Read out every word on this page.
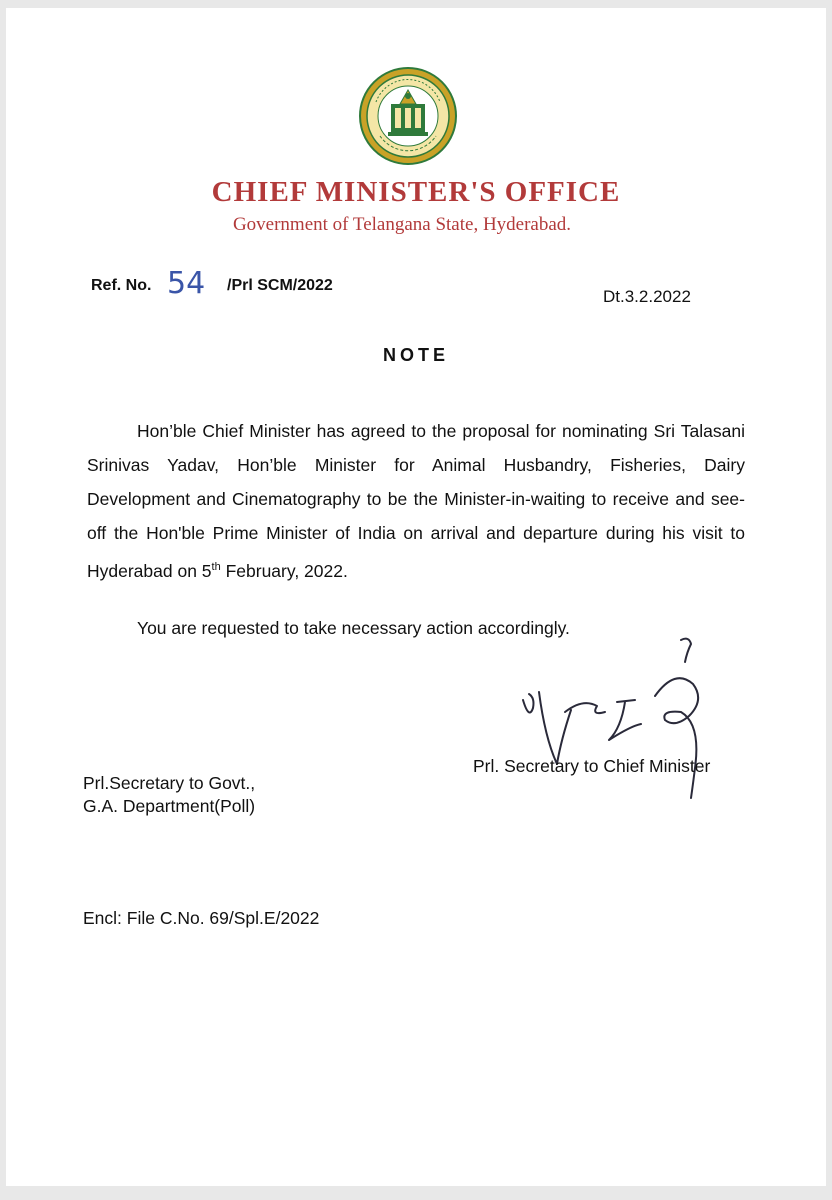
CHIEF MINISTER'S OFFICE
Government of Telangana State, Hyderabad.
Ref. No. 54 /Prl SCM/2022
Dt.3.2.2022
NOTE
Hon’ble Chief Minister has agreed to the proposal for nominating Sri Talasani Srinivas Yadav, Hon’ble Minister for Animal Husbandry, Fisheries, Dairy Development and Cinematography to be the Minister-in-waiting to receive and see-off the Hon'ble Prime Minister of India on arrival and departure during his visit to Hyderabad on 5th February, 2022.
You are requested to take necessary action accordingly.
Prl. Secretary to Chief Minister
Prl.Secretary to Govt.,
G.A. Department(Poll)
Encl: File C.No. 69/Spl.E/2022
